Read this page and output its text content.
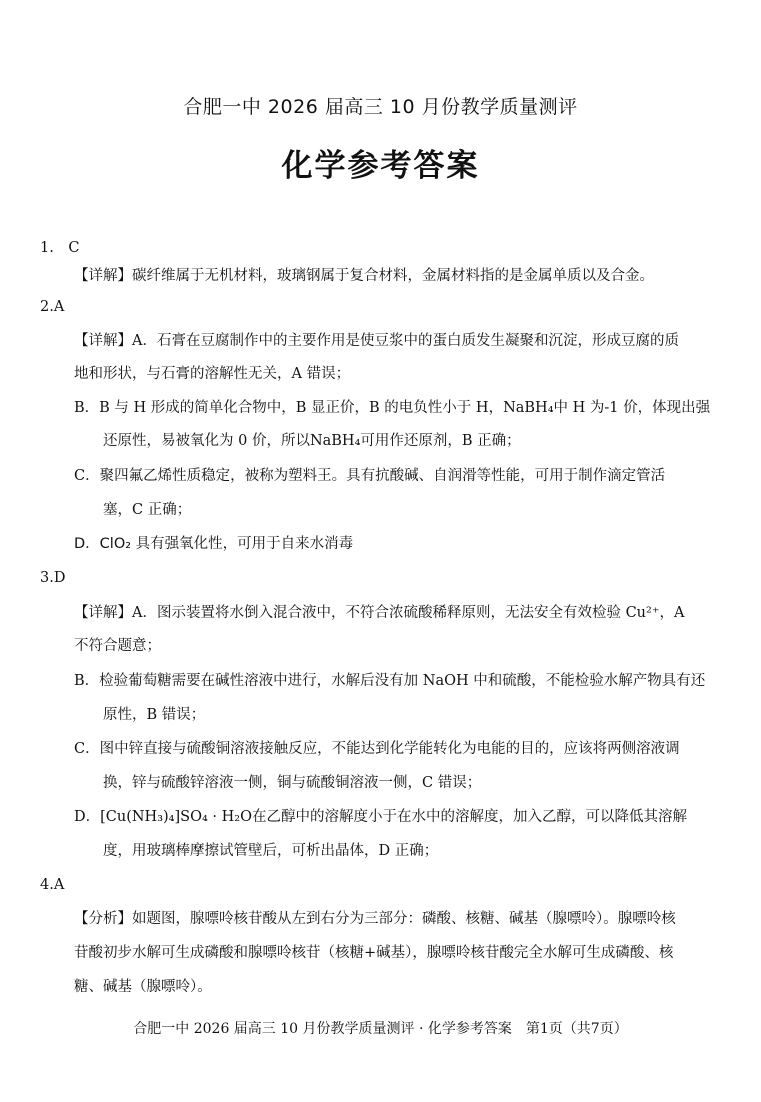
合肥一中 2026 届高三 10 月份教学质量测评
化学参考答案
1.　C
【详解】碳纤维属于无机材料，玻璃钢属于复合材料，金属材料指的是金属单质以及合金。
2.A
【详解】A．石膏在豆腐制作中的主要作用是使豆浆中的蛋白质发生凝聚和沉淀，形成豆腐的质
地和形状，与石膏的溶解性无关，A 错误；
B．B 与 H 形成的简单化合物中，B 显正价，B 的电负性小于 H，NaBH₄中 H 为-1 价，体现出强
还原性，易被氧化为 0 价，所以NaBH₄可用作还原剂，B 正确；
C．聚四氟乙烯性质稳定，被称为塑料王。具有抗酸碱、自润滑等性能，可用于制作滴定管活
塞，C 正确；
D．ClO₂ 具有强氧化性，可用于自来水消毒
3.D
【详解】A．图示装置将水倒入混合液中，不符合浓硫酸稀释原则，无法安全有效检验 Cu²⁺，A
不符合题意；
B．检验葡萄糖需要在碱性溶液中进行，水解后没有加 NaOH 中和硫酸，不能检验水解产物具有还
原性，B 错误；
C．图中锌直接与硫酸铜溶液接触反应，不能达到化学能转化为电能的目的，应该将两侧溶液调
换，锌与硫酸锌溶液一侧，铜与硫酸铜溶液一侧，C 错误；
D．[Cu(NH₃)₄]SO₄ · H₂O在乙醇中的溶解度小于在水中的溶解度，加入乙醇，可以降低其溶解
度，用玻璃棒摩擦试管壁后，可析出晶体，D 正确；
4.A
【分析】如题图，腺嘌呤核苷酸从左到右分为三部分：磷酸、核糖、碱基（腺嘌呤）。腺嘌呤核
苷酸初步水解可生成磷酸和腺嘌呤核苷（核糖+碱基），腺嘌呤核苷酸完全水解可生成磷酸、核
糖、碱基（腺嘌呤）。
合肥一中 2026 届高三 10 月份教学质量测评 · 化学参考答案　第1页（共7页）
